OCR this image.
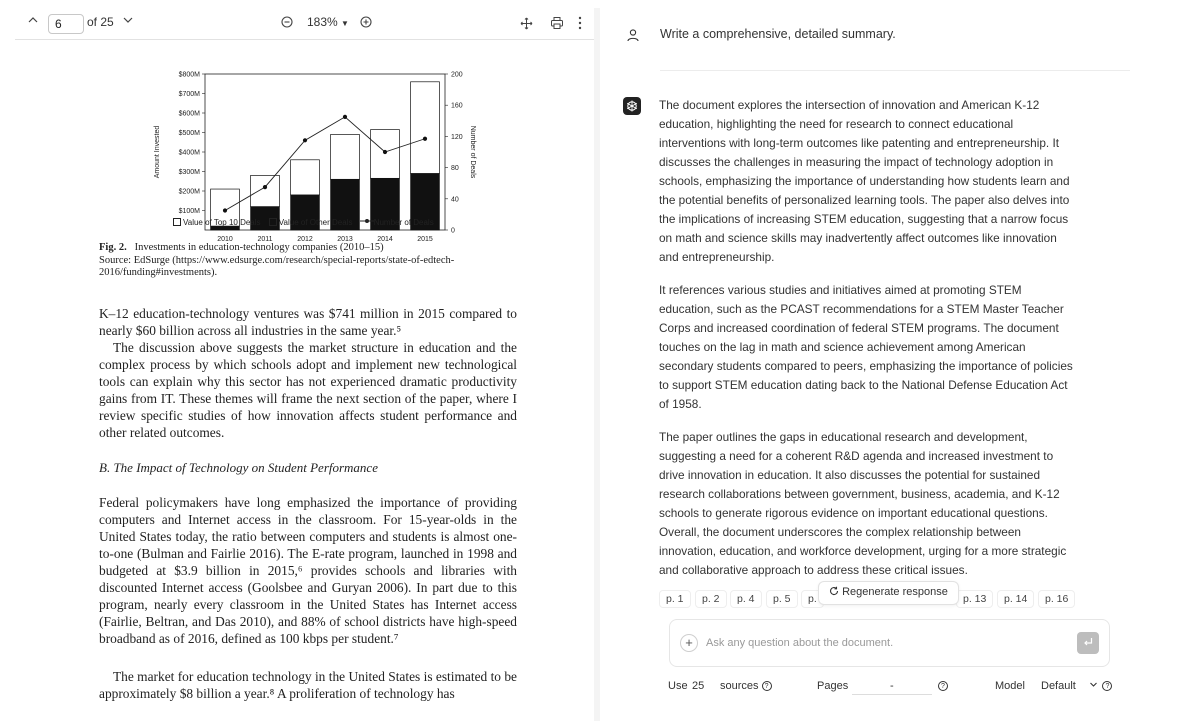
6
of 25	183% ▼
$100M
$200M
$300M
$400M
$500M
$600M
$700M
$800M
0
40
80
120
160
200
Amount Invested	Number of Deals
2010	2011	2012	2013	2014	2015
Value of Top 10 Deals Value of Other Deals	Number of Deals
Fig. 2. Investments in education-technology companies (2010–15)
Source: EdSurge (https://www.edsurge.com/research/special-reports/state-of-edtech-2016/funding#investments).
K–12 education-technology ventures was $741 million in 2015 compared to nearly $60 billion across all industries in the same year.⁵
The discussion above suggests the market structure in education and the complex process by which schools adopt and implement new technological tools can explain why this sector has not experienced dramatic productivity gains from IT. These themes will frame the next section of the paper, where I review specific studies of how innovation affects student performance and other related outcomes.
B. The Impact of Technology on Student Performance
Federal policymakers have long emphasized the importance of providing computers and Internet access in the classroom. For 15-year-olds in the United States today, the ratio between computers and students is almost one-to-one (Bulman and Fairlie 2016). The E-rate program, launched in 1998 and budgeted at $3.9 billion in 2015,⁶ provides schools and libraries with discounted Internet access (Goolsbee and Guryan 2006). In part due to this program, nearly every classroom in the United States has Internet access (Fairlie, Beltran, and Das 2010), and 88% of school districts have high-speed broadband as of 2016, defined as 100 kbps per student.⁷
The market for education technology in the United States is estimated to be approximately $8 billion a year.⁸ A proliferation of technology has
Write a comprehensive, detailed summary.
The document explores the intersection of innovation and American K-12 education, highlighting the need for research to connect educational interventions with long-term outcomes like patenting and entrepreneurship. It discusses the challenges in measuring the impact of technology adoption in schools, emphasizing the importance of understanding how students learn and the potential benefits of personalized learning tools. The paper also delves into the implications of increasing STEM education, suggesting that a narrow focus on math and science skills may inadvertently affect outcomes like innovation and entrepreneurship.
It references various studies and initiatives aimed at promoting STEM education, such as the PCAST recommendations for a STEM Master Teacher Corps and increased coordination of federal STEM programs. The document touches on the lag in math and science achievement among American secondary students compared to peers, emphasizing the importance of policies to support STEM education dating back to the National Defense Education Act of 1958.
The paper outlines the gaps in educational research and development, suggesting a need for a coherent R&D agenda and increased investment to drive innovation in education. It also discusses the potential for sustained research collaborations between government, business, academia, and K-12 schools to generate rigorous evidence on important educational questions. Overall, the document underscores the complex relationship between innovation, education, and workforce development, urging for a more strategic and collaborative approach to address these critical issues.
p. 1	p. 2	p. 4	p. 5	p.	p. 13	p. 14	p. 16
Regenerate response
+
Ask any question about the document.
Use 25 sources ?	Pages	-	?	Model Default	?
